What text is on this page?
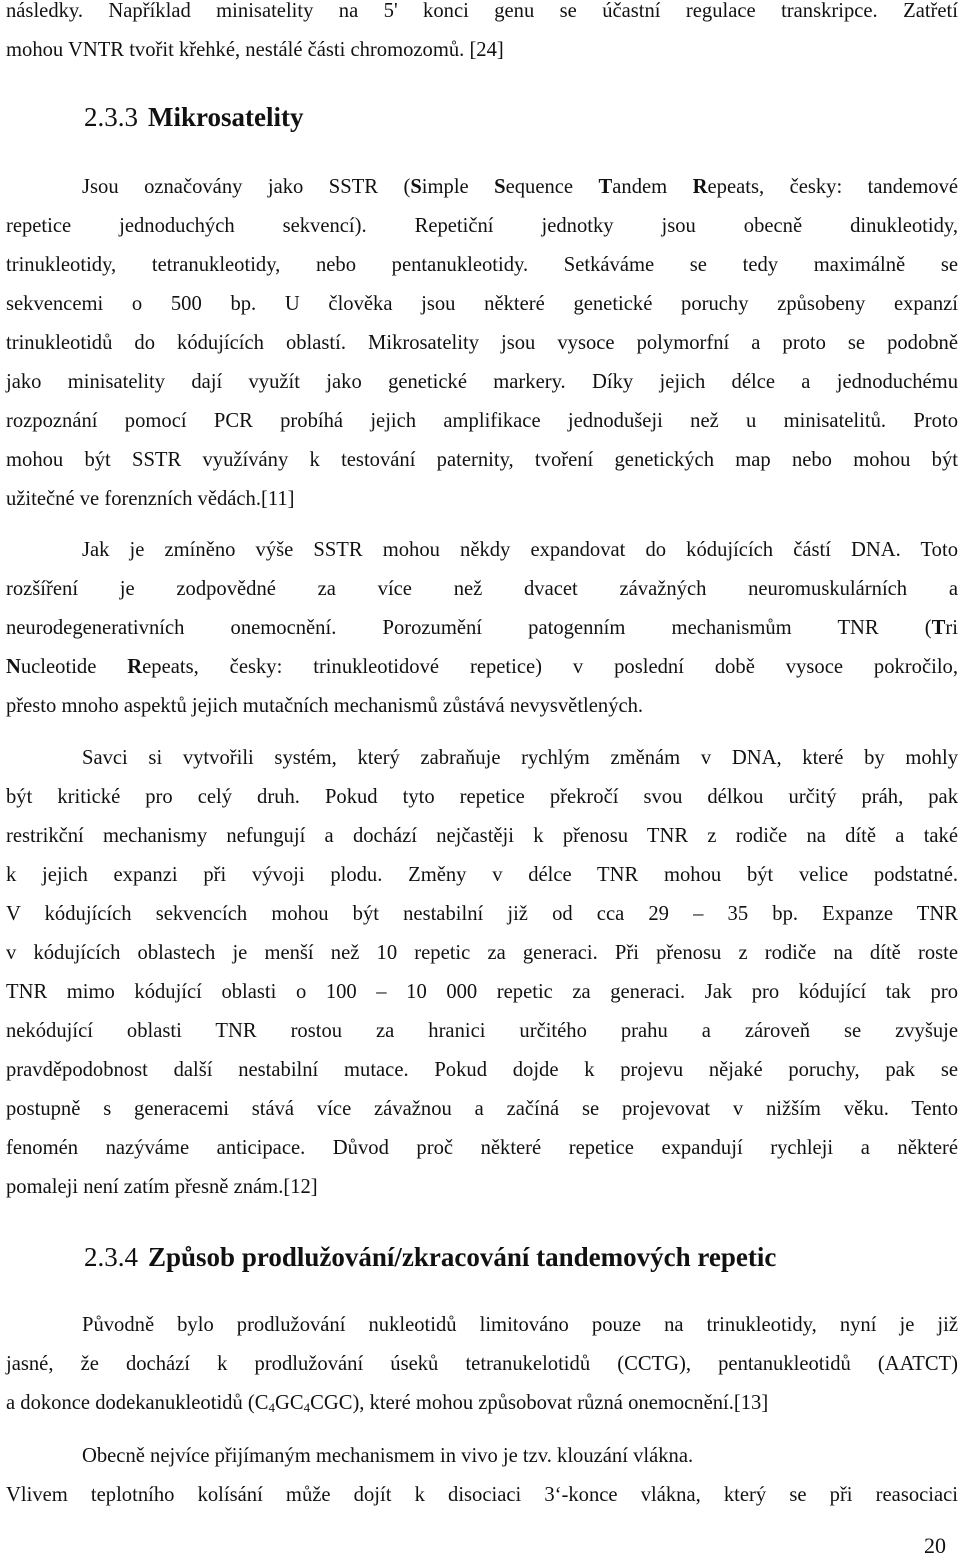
následky. Například minisatelity na 5' konci genu se účastní regulace transkripce. Zatřetí
mohou VNTR tvořit křehké, nestálé části chromozomů. [24]
2.3.3 Mikrosatelity
Jsou označovány jako SSTR (Simple Sequence Tandem Repeats, česky: tandemové
repetice jednoduchých sekvencí). Repetiční jednotky jsou obecně dinukleotidy,
trinukleotidy, tetranukleotidy, nebo pentanukleotidy. Setkáváme se tedy maximálně se
sekvencemi o 500 bp. U člověka jsou některé genetické poruchy způsobeny expanzí
trinukleotidů do kódujících oblastí. Mikrosatelity jsou vysoce polymorfní a proto se podobně
jako minisatelity dají využít jako genetické markery. Díky jejich délce a jednoduchému
rozpoznání pomocí PCR probíhá jejich amplifikace jednodušeji než u minisatelitů. Proto
mohou být SSTR využívány k testování paternity, tvoření genetických map nebo mohou být
užitečné ve forenzních vědách.[11]
Jak je zmíněno výše SSTR mohou někdy expandovat do kódujících částí DNA. Toto
rozšíření je zodpovědné za více než dvacet závažných neuromuskulárních a
neurodegenerativních onemocnění. Porozumění patogenním mechanismům TNR (Tri
Nucleotide Repeats, česky: trinukleotidové repetice) v poslední době vysoce pokročilo,
přesto mnoho aspektů jejich mutačních mechanismů zůstává nevysvětlených.
Savci si vytvořili systém, který zabraňuje rychlým změnám v DNA, které by mohly
být kritické pro celý druh. Pokud tyto repetice překročí svou délkou určitý práh, pak
restrikční mechanismy nefungují a dochází nejčastěji k přenosu TNR z rodiče na dítě a také
k jejich expanzi při vývoji plodu. Změny v délce TNR mohou být velice podstatné.
V kódujících sekvencích mohou být nestabilní již od cca 29 – 35 bp. Expanze TNR
v kódujících oblastech je menší než 10 repetic za generaci. Při přenosu z rodiče na dítě roste
TNR mimo kódující oblasti o 100 – 10 000 repetic za generaci. Jak pro kódující tak pro
nekódující oblasti TNR rostou za hranici určitého prahu a zároveň se zvyšuje
pravděpodobnost další nestabilní mutace. Pokud dojde k projevu nějaké poruchy, pak se
postupně s generacemi stává více závažnou a začíná se projevovat v nižším věku. Tento
fenomén nazýváme anticipace. Důvod proč některé repetice expandují rychleji a některé
pomaleji není zatím přesně znám.[12]
2.3.4 Způsob prodlužování/zkracování tandemových repetic
Původně bylo prodlužování nukleotidů limitováno pouze na trinukleotidy, nyní je již
jasné, že dochází k prodlužování úseků tetranukelotidů (CCTG), pentanukleotidů (AATCT)
a dokonce dodekanukleotidů $(C_4GC_4CGC)$, které mohou způsobovat různá onemocnění.[13]
Obecně nejvíce přijímaným mechanismem in vivo je tzv. klouzání vlákna.
Vlivem teplotního kolísání může dojít k disociaci 3‘-konce vlákna, který se při reasociaci
20
